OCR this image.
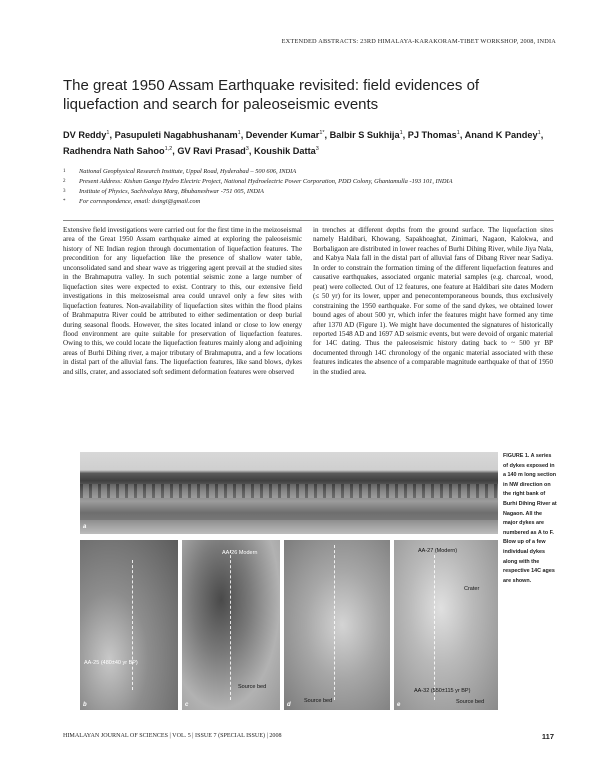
EXTENDED ABSTRACTS: 23RD HIMALAYA-KARAKORAM-TIBET WORKSHOP, 2008, INDIA
The great 1950 Assam Earthquake revisited: field evidences of liquefaction and search for paleoseismic events
DV Reddy$^1$, Pasupuleti Nagabhushanam$^1$, Devender Kumar$^{1*}$, Balbir S Sukhija$^1$, PJ Thomas$^1$, Anand K Pandey$^1$, Radhendra Nath Sahoo$^{1,2}$, GV Ravi Prasad$^3$, Koushik Datta$^3$
1	National Geophysical Research Institute, Uppal Road, Hyderabad – 500 606, INDIA
2	Present Address: Kishan Ganga Hydro Electric Project, National Hydroelectric Power Corporation, PDD Colony, Ghantamulla -193 101, INDIA
3	Institute of Physics, Sachivalaya Marg, Bhubaneshwar -751 005, INDIA
*	For correspondence, email: dsingi@gmail.com
Extensive field investigations were carried out for the first time in the meizoseismal area of the Great 1950 Assam earthquake aimed at exploring the paleoseismic history of NE Indian region through documentation of liquefaction features. The precondition for any liquefaction like the presence of shallow water table, unconsolidated sand and shear wave as triggering agent prevail at the studied sites in the Brahmaputra valley. In such potential seismic zone a large number of liquefaction sites were expected to exist. Contrary to this, our extensive field investigations in this meizoseismal area could unravel only a few sites with liquefaction features. Non-availability of liquefaction sites within the flood plains of Brahmaputra River could be attributed to either sedimentation or deep burial during seasonal floods. However, the sites located inland or close to low energy flood environment are quite suitable for preservation of liquefaction features. Owing to this, we could locate the liquefaction features mainly along and adjoining areas of Burhi Dihing river, a major tributary of Brahmaputra, and a few locations in distal part of the alluvial fans. The liquefaction features, like sand blows, dykes and sills, crater, and associated soft sediment deformation features were observed
in trenches at different depths from the ground surface. The liquefaction sites namely Haldibari, Khowang, Sapakhoaghat, Zinimari, Nagaon, Kalokwa, and Borbaligaon are distributed in lower reaches of Burhi Dihing River, while Jiya Nala, and Kabya Nala fall in the distal part of alluvial fans of Dibang River near Sadiya. In order to constrain the formation timing of the different liquefaction features and causative earthquakes, associated organic material samples (e.g. charcoal, wood, peat) were collected. Out of 12 features, one feature at Haldibari site dates Modern (≤ 50 yr) for its lower, upper and penecontemporaneous bounds, thus exclusively constraining the 1950 earthquake. For some of the sand dykes, we obtained lower bound ages of about 500 yr, which infer the features might have formed any time after 1370 AD (Figure 1). We might have documented the signatures of historically reported 1548 AD and 1697 AD seismic events, but were devoid of organic material for 14C dating. Thus the paleoseismic history dating back to ~ 500 yr BP documented through 14C chronology of the organic material associated with these features indicates the absence of a comparable magnitude earthquake of that of 1950 in the studied area.
a
AA-25 (480±40 yr BP)
b
AA-26 Modern
Source bed
c
Source bed
d
AA-27 (Modern)
Crater
AA-32 (550±115 yr BP)
Source bed
e
FIGURE 1. A series of dykes exposed in a 140 m long section in NW direction on the right bank of Burhi Dihing River at Nagaon. All the major dykes are numbered as A to F. Blow up of a few individual dykes along with the respective 14C ages are shown.
HIMALAYAN JOURNAL OF SCIENCES | VOL. 5 | ISSUE 7 (SPECIAL ISSUE) | 2008	117
